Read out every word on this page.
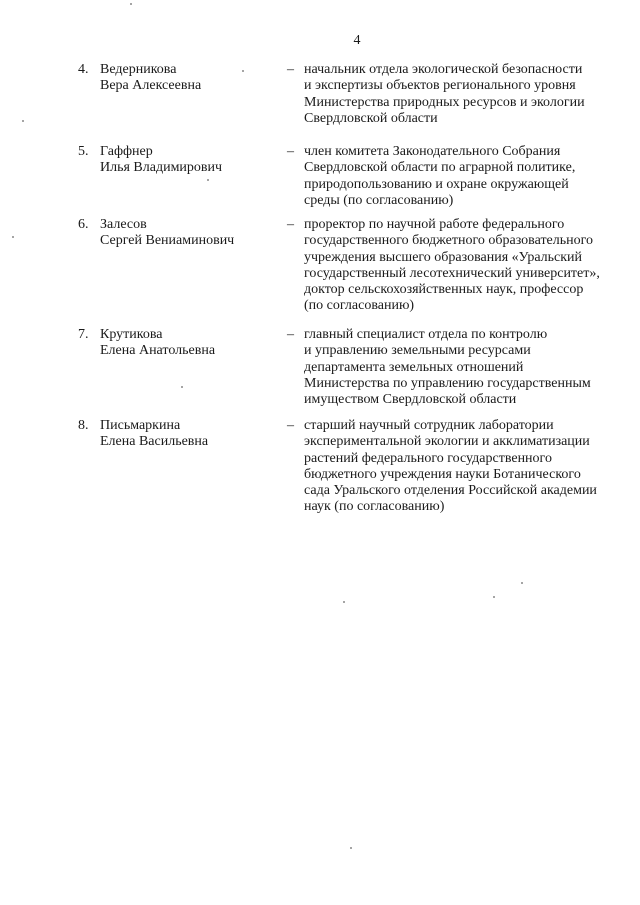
4
4. Ведерникова
Вера Алексеевна
– начальник отдела экологической безопасности
и экспертизы объектов регионального уровня
Министерства природных ресурсов и экологии
Свердловской области
5. Гаффнер
Илья Владимирович
– член комитета Законодательного Собрания
Свердловской области по аграрной политике,
природопользованию и охране окружающей
среды (по согласованию)
6. Залесов
Сергей Вениаминович
– проректор по научной работе федерального
государственного бюджетного образовательного
учреждения высшего образования «Уральский
государственный лесотехнический университет»,
доктор сельскохозяйственных наук, профессор
(по согласованию)
7. Крутикова
Елена Анатольевна
– главный специалист отдела по контролю
и управлению земельными ресурсами
департамента земельных отношений
Министерства по управлению государственным
имуществом Свердловской области
8. Письмаркина
Елена Васильевна
– старший научный сотрудник лаборатории
экспериментальной экологии и акклиматизации
растений федерального государственного
бюджетного учреждения науки Ботанического
сада Уральского отделения Российской академии
наук (по согласованию)
